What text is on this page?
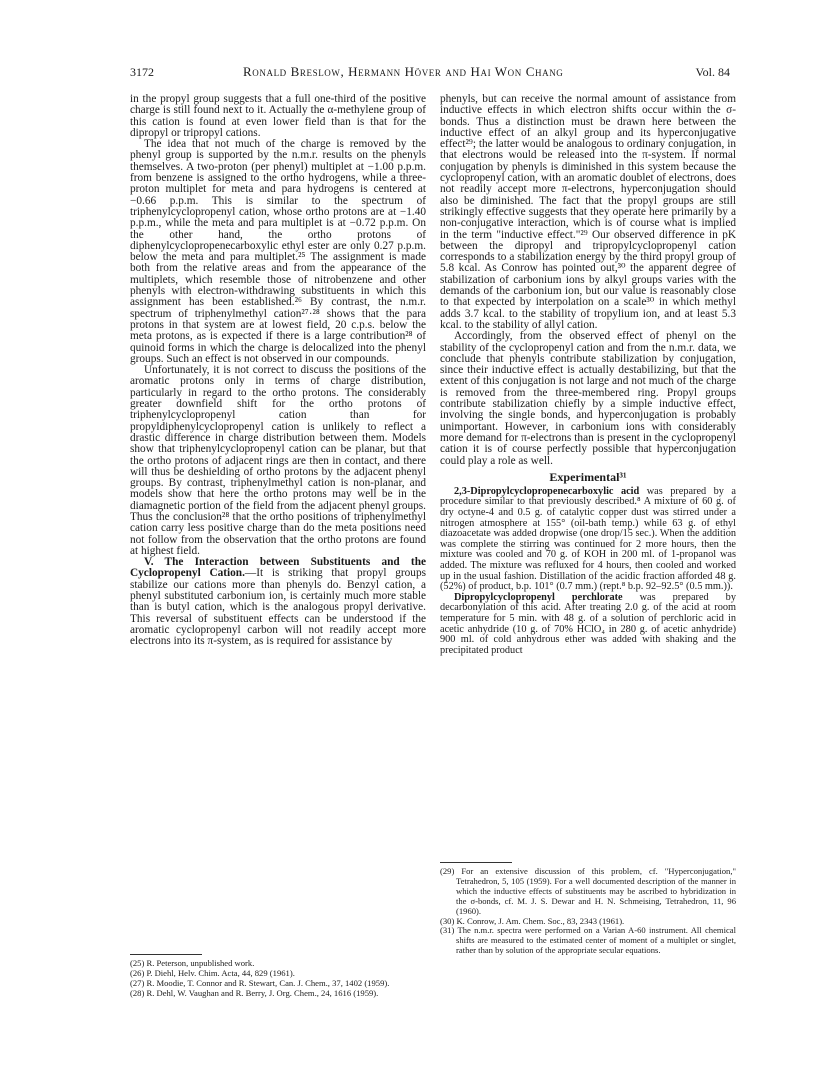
3172	Ronald Breslow, Hermann Höver and Hai Won Chang	Vol. 84

in the propyl group suggests that a full one-third of the positive charge is still found next to it. Actually the α-methylene group of this cation is found at even lower field than is that for the dipropyl or tripropyl cations.

The idea that not much of the charge is removed by the phenyl group is supported by the n.m.r. results on the phenyls themselves. A two-proton (per phenyl) multiplet at −1.00 p.p.m. from benzene is assigned to the ortho hydrogens, while a three-proton multiplet for meta and para hydrogens is centered at −0.66 p.p.m. This is similar to the spectrum of triphenylcyclopropenyl cation, whose ortho protons are at −1.40 p.p.m., while the meta and para multiplet is at −0.72 p.p.m. On the other hand, the ortho protons of diphenylcyclopropenecarboxylic ethyl ester are only 0.27 p.p.m. below the meta and para multiplet.²⁵ The assignment is made both from the relative areas and from the appearance of the multiplets, which resemble those of nitrobenzene and other phenyls with electron-withdrawing substituents in which this assignment has been established.²⁶ By contrast, the n.m.r. spectrum of triphenylmethyl cation²⁷·²⁸ shows that the para protons in that system are at lowest field, 20 c.p.s. below the meta protons, as is expected if there is a large contribution²⁸ of quinoid forms in which the charge is delocalized into the phenyl groups. Such an effect is not observed in our compounds.

Unfortunately, it is not correct to discuss the positions of the aromatic protons only in terms of charge distribution, particularly in regard to the ortho protons. The considerably greater downfield shift for the ortho protons of triphenylcyclopropenyl cation than for propyldiphenylcyclopropenyl cation is unlikely to reflect a drastic difference in charge distribution between them. Models show that triphenylcyclopropenyl cation can be planar, but that the ortho protons of adjacent rings are then in contact, and there will thus be deshielding of ortho protons by the adjacent phenyl groups. By contrast, triphenylmethyl cation is non-planar, and models show that here the ortho protons may well be in the diamagnetic portion of the field from the adjacent phenyl groups. Thus the conclusion²⁸ that the ortho positions of triphenylmethyl cation carry less positive charge than do the meta positions need not follow from the observation that the ortho protons are found at highest field.

V. The Interaction between Substituents and the Cyclopropenyl Cation.—It is striking that propyl groups stabilize our cations more than phenyls do. Benzyl cation, a phenyl substituted carbonium ion, is certainly much more stable than is butyl cation, which is the analogous propyl derivative. This reversal of substituent effects can be understood if the aromatic cyclopropenyl carbon will not readily accept more electrons into its π-system, as is required for assistance by

phenyls, but can receive the normal amount of assistance from inductive effects in which electron shifts occur within the σ-bonds. Thus a distinction must be drawn here between the inductive effect of an alkyl group and its hyperconjugative effect²⁹; the latter would be analogous to ordinary conjugation, in that electrons would be released into the π-system. If normal conjugation by phenyls is diminished in this system because the cyclopropenyl cation, with an aromatic doublet of electrons, does not readily accept more π-electrons, hyperconjugation should also be diminished. The fact that the propyl groups are still strikingly effective suggests that they operate here primarily by a non-conjugative interaction, which is of course what is implied in the term "inductive effect."²⁹ Our observed difference in pK between the dipropyl and tripropylcyclopropenyl cation corresponds to a stabilization energy by the third propyl group of 5.8 kcal. As Conrow has pointed out,³⁰ the apparent degree of stabilization of carbonium ions by alkyl groups varies with the demands of the carbonium ion, but our value is reasonably close to that expected by interpolation on a scale³⁰ in which methyl adds 3.7 kcal. to the stability of tropylium ion, and at least 5.3 kcal. to the stability of allyl cation.

Accordingly, from the observed effect of phenyl on the stability of the cyclopropenyl cation and from the n.m.r. data, we conclude that phenyls contribute stabilization by conjugation, since their inductive effect is actually destabilizing, but that the extent of this conjugation is not large and not much of the charge is removed from the three-membered ring. Propyl groups contribute stabilization chiefly by a simple inductive effect, involving the single bonds, and hyperconjugation is probably unimportant. However, in carbonium ions with considerably more demand for π-electrons than is present in the cyclopropenyl cation it is of course perfectly possible that hyperconjugation could play a role as well.

Experimental³¹

2,3-Dipropylcyclopropenecarboxylic acid was prepared by a procedure similar to that previously described.⁸ A mixture of 60 g. of dry octyne-4 and 0.5 g. of catalytic copper dust was stirred under a nitrogen atmosphere at 155° (oil-bath temp.) while 63 g. of ethyl diazoacetate was added dropwise (one drop/15 sec.). When the addition was complete the stirring was continued for 2 more hours, then the mixture was cooled and 70 g. of KOH in 200 ml. of 1-propanol was added. The mixture was refluxed for 4 hours, then cooled and worked up in the usual fashion. Distillation of the acidic fraction afforded 48 g. (52%) of product, b.p. 101° (0.7 mm.) (rept.⁸ b.p. 92–92.5° (0.5 mm.)).

Dipropylcyclopropenyl perchlorate was prepared by decarbonylation of this acid. After treating 2.0 g. of the acid at room temperature for 5 min. with 48 g. of a solution of perchloric acid in acetic anhydride (10 g. of 70% HClO₄ in 280 g. of acetic anhydride) 900 ml. of cold anhydrous ether was added with shaking and the precipitated product

(25) R. Peterson, unpublished work.

(26) P. Diehl, Helv. Chim. Acta, 44, 829 (1961).

(27) R. Moodie, T. Connor and R. Stewart, Can. J. Chem., 37, 1402 (1959).

(28) R. Dehl, W. Vaughan and R. Berry, J. Org. Chem., 24, 1616 (1959).

(29) For an extensive discussion of this problem, cf. "Hyperconjugation," Tetrahedron, 5, 105 (1959). For a well documented description of the manner in which the inductive effects of substituents may be ascribed to hybridization in the σ-bonds, cf. M. J. S. Dewar and H. N. Schmeising, Tetrahedron, 11, 96 (1960).

(30) K. Conrow, J. Am. Chem. Soc., 83, 2343 (1961).

(31) The n.m.r. spectra were performed on a Varian A-60 instrument. All chemical shifts are measured to the estimated center of moment of a multiplet or singlet, rather than by solution of the appropriate secular equations.
